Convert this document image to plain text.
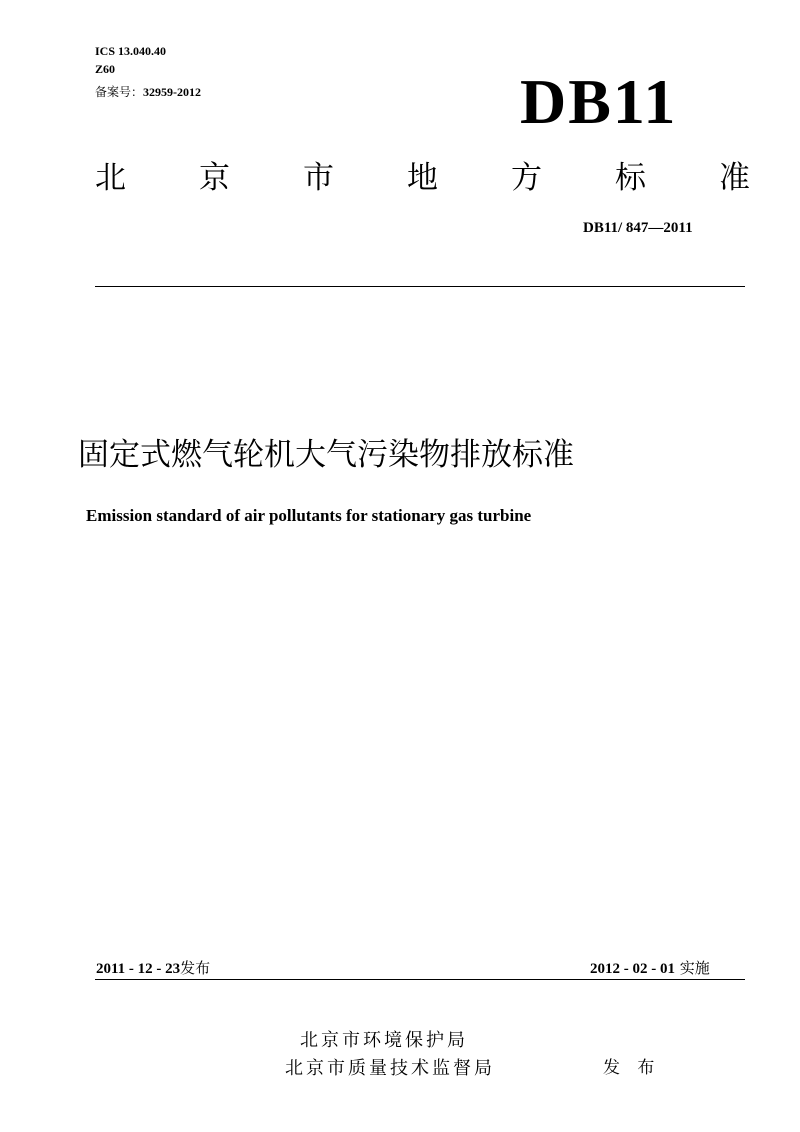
ICS 13.040.40
Z60
备案号：32959-2012	DB11
北 京 市 地 方 标 准
DB11/ 847—2011
固定式燃气轮机大气污染物排放标准
Emission standard of air pollutants for stationary gas turbine
2011 - 12 - 23发布	2012 - 02 - 01 实施
北京市环境保护局
北京市质量技术监督局	发 布
